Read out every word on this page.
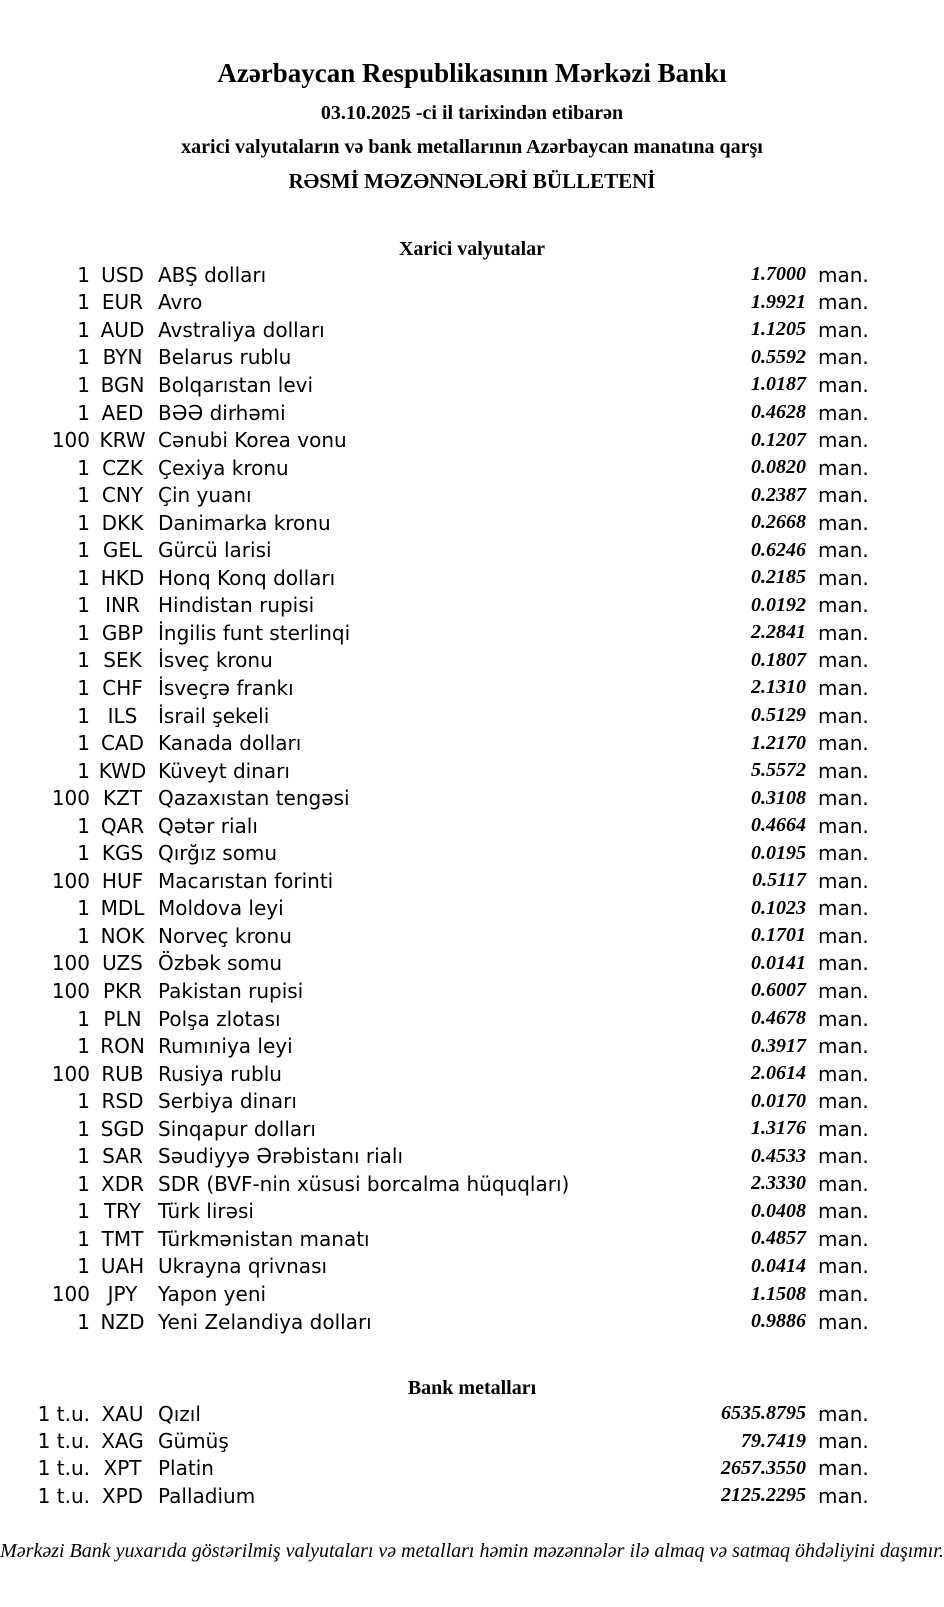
Azərbaycan Respublikasının Mərkəzi Bankı
03.10.2025 -ci il tarixindən etibarən
xarici valyutaların və bank metallarının Azərbaycan manatına qarşı
RƏSMİ MƏZƏNNƏLƏRİ BÜLLETENİ
Xarici valyutalar
1 USD ABŞ dolları	1.7000 man.
1 EUR Avro	1.9921 man.
1 AUD Avstraliya dolları	1.1205 man.
1 BYN Belarus rublu	0.5592 man.
1 BGN Bolqarıstan levi	1.0187 man.
1 AED BƏƏ dirhəmi	0.4628 man.
100 KRW Cənubi Korea vonu	0.1207 man.
1 CZK Çexiya kronu	0.0820 man.
1 CNY Çin yuanı	0.2387 man.
1 DKK Danimarka kronu	0.2668 man.
1 GEL Gürcü larisi	0.6246 man.
1 HKD Honq Konq dolları	0.2185 man.
1 INR Hindistan rupisi	0.0192 man.
1 GBP İngilis funt sterlinqi	2.2841 man.
1 SEK İsveç kronu	0.1807 man.
1 CHF İsveçrə frankı	2.1310 man.
1 ILS	İsrail şekeli	0.5129 man.
1 CAD Kanada dolları	1.2170 man.
1 KWD Küveyt dinarı	5.5572 man.
100 KZT Qazaxıstan tengəsi	0.3108 man.
1 QAR Qətər rialı	0.4664 man.
1 KGS Qırğız somu	0.0195 man.
100 HUF Macarıstan forinti	0.5117 man.
1 MDL Moldova leyi	0.1023 man.
1 NOK Norveç kronu	0.1701 man.
100 UZS Özbək somu	0.0141 man.
100 PKR Pakistan rupisi	0.6007 man.
1 PLN Polşa zlotası	0.4678 man.
1 RON Rumıniya leyi	0.3917 man.
100 RUB Rusiya rublu	2.0614 man.
1 RSD Serbiya dinarı	0.0170 man.
1 SGD Sinqapur dolları	1.3176 man.
1 SAR Səudiyyə Ərəbistanı rialı	0.4533 man.
1 XDR SDR (BVF-nin xüsusi borcalma hüquqları)	2.3330 man.
1 TRY Türk lirəsi	0.0408 man.
1 TMT Türkmənistan manatı	0.4857 man.
1 UAH Ukrayna qrivnası	0.0414 man.
100 JPY	Yapon yeni	1.1508 man.
1 NZD Yeni Zelandiya dolları	0.9886 man.
Bank metalları
1 t.u. XAU Qızıl	6535.8795 man.
1 t.u. XAG Gümüş	79.7419 man.
1 t.u. XPT Platin	2657.3550 man.
1 t.u. XPD Palladium	2125.2295 man.
Mərkəzi Bank yuxarıda göstərilmiş valyutaları və metalları həmin məzənnələr ilə almaq və satmaq öhdəliyini daşımır.
